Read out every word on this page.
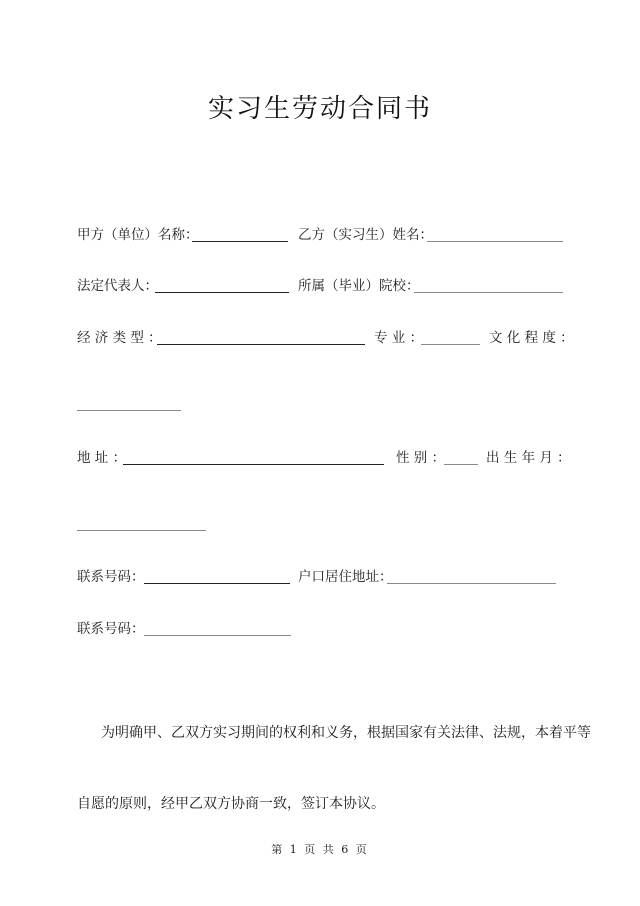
实习生劳动合同书
甲方（单位）名称：	乙方（实习生）姓名：
法定代表人：	所属（毕业）院校：
经 济 类 型 ：	专 业 ：	文 化 程 度 ：
地 址 ：	性 别 ：	出 生 年 月 ：
联系号码：	户口居住地址：
联系号码：
为明确甲、乙双方实习期间的权利和义务，根据国家有关法律、法规，本着平等
自愿的原则，经甲乙双方协商一致，签订本协议。
第 1 页 共 6 页
